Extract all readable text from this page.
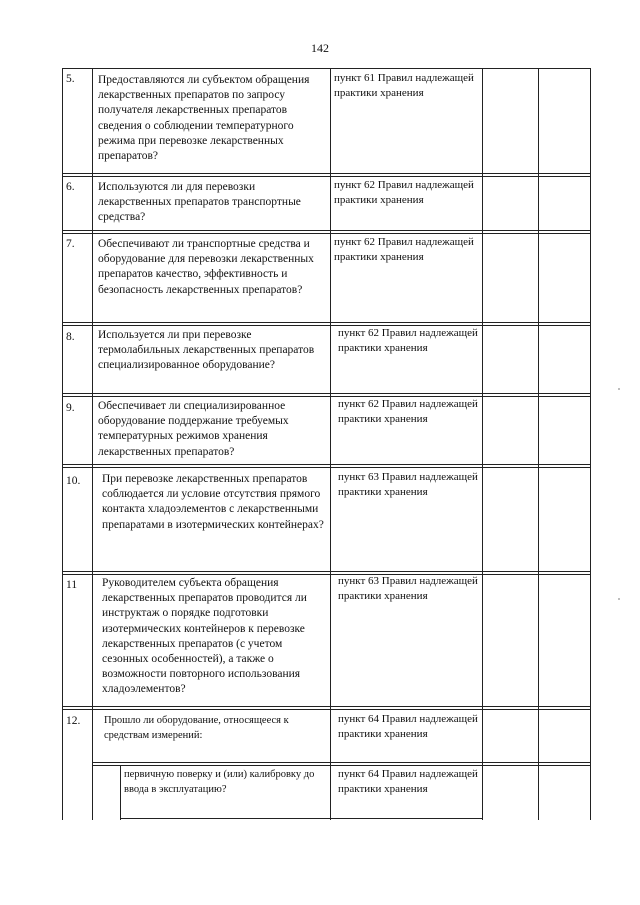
142
5.	Предоставляются ли субъектом обращения лекарственных препаратов по запросу получателя лекарственных препаратов сведения о соблюдении температурного режима при перевозке лекарственных препаратов?
пункт 61 Правил надлежащей практики хранения
6.	Используются ли для перевозки лекарственных препаратов транспортные средства?
пункт 62 Правил надлежащей практики хранения
7.	Обеспечивают ли транспортные средства и оборудование для перевозки лекарственных препаратов качество, эффективность и безопасность лекарственных препаратов?
пункт 62 Правил надлежащей практики хранения
8.	Используется ли при перевозке термолабильных лекарственных препаратов специализированное оборудование?
пункт 62 Правил надлежащей практики хранения
9.	Обеспечивает ли специализированное оборудование поддержание требуемых температурных режимов хранения лекарственных препаратов?
пункт 62 Правил надлежащей практики хранения
10.	При перевозке лекарственных препаратов соблюдается ли условие отсутствия прямого контакта хладоэлементов с лекарственными препаратами в изотермических контейнерах?
пункт 63 Правил надлежащей практики хранения
11	Руководителем субъекта обращения лекарственных препаратов проводится ли инструктаж о порядке подготовки изотермических контейнеров к перевозке лекарственных препаратов (с учетом сезонных особенностей), а также о возможности повторного использования хладоэлементов?
пункт 63 Правил надлежащей практики хранения
12.	Прошло ли оборудование, относящееся к средствам измерений:
пункт 64 Правил надлежащей практики хранения
первичную поверку и (или) калибровку до ввода в эксплуатацию?
пункт 64 Правил надлежащей практики хранения
